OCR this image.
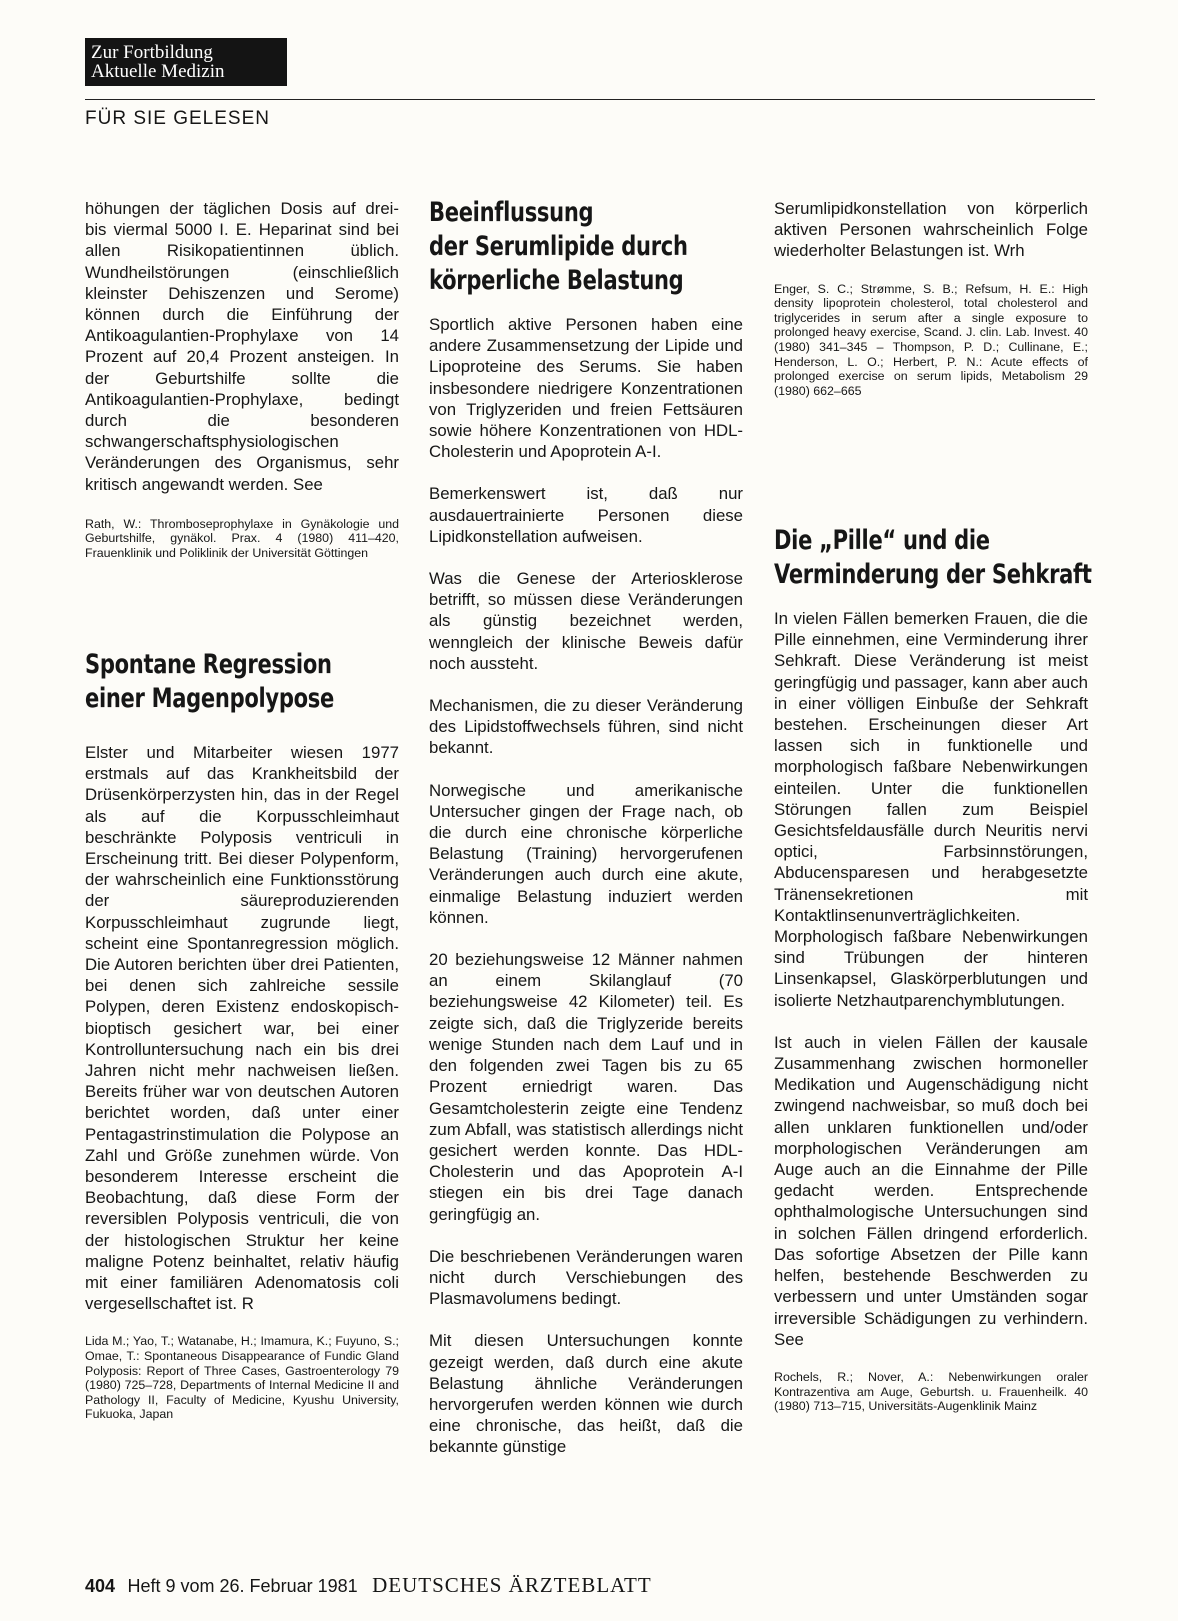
Zur Fortbildung
Aktuelle Medizin
FÜR SIE GELESEN

höhungen der täglichen Dosis auf drei- bis viermal 5000 I. E. Heparinat sind bei allen Risikopatientinnen üblich. Wundheilstörungen (einschließlich kleinster Dehiszenzen und Serome) können durch die Einführung der Antikoagulantien-Prophylaxe von 14 Prozent auf 20,4 Prozent ansteigen. In der Geburtshilfe sollte die Antikoagulantien-Prophylaxe, bedingt durch die besonderen schwangerschaftsphysiologischen Veränderungen des Organismus, sehr kritisch angewandt werden. See

Rath, W.: Thromboseprophylaxe in Gynäkologie und Geburtshilfe, gynäkol. Prax. 4 (1980) 411–420, Frauenklinik und Poliklinik der Universität Göttingen

Spontane Regression
einer Magenpolypose

Elster und Mitarbeiter wiesen 1977 erstmals auf das Krankheitsbild der Drüsenkörperzysten hin, das in der Regel als auf die Korpusschleimhaut beschränkte Polyposis ventriculi in Erscheinung tritt. Bei dieser Polypenform, der wahrscheinlich eine Funktionsstörung der säureproduzierenden Korpusschleimhaut zugrunde liegt, scheint eine Spontanregression möglich. Die Autoren berichten über drei Patienten, bei denen sich zahlreiche sessile Polypen, deren Existenz endoskopisch-bioptisch gesichert war, bei einer Kontrolluntersuchung nach ein bis drei Jahren nicht mehr nachweisen ließen. Bereits früher war von deutschen Autoren berichtet worden, daß unter einer Pentagastrinstimulation die Polypose an Zahl und Größe zunehmen würde. Von besonderem Interesse erscheint die Beobachtung, daß diese Form der reversiblen Polyposis ventriculi, die von der histologischen Struktur her keine maligne Potenz beinhaltet, relativ häufig mit einer familiären Adenomatosis coli vergesellschaftet ist. R

Lida M.; Yao, T.; Watanabe, H.; Imamura, K.; Fuyuno, S.; Omae, T.: Spontaneous Disappearance of Fundic Gland Polyposis: Report of Three Cases, Gastroenterology 79 (1980) 725–728, Departments of Internal Medicine II and Pathology II, Faculty of Medicine, Kyushu University, Fukuoka, Japan

Beeinflussung
der Serumlipide durch
körperliche Belastung

Sportlich aktive Personen haben eine andere Zusammensetzung der Lipide und Lipoproteine des Serums. Sie haben insbesondere niedrigere Konzentrationen von Triglyzeriden und freien Fettsäuren sowie höhere Konzentrationen von HDL-Cholesterin und Apoprotein A-I.

Bemerkenswert ist, daß nur ausdauertrainierte Personen diese Lipidkonstellation aufweisen.

Was die Genese der Arteriosklerose betrifft, so müssen diese Veränderungen als günstig bezeichnet werden, wenngleich der klinische Beweis dafür noch aussteht.

Mechanismen, die zu dieser Veränderung des Lipidstoffwechsels führen, sind nicht bekannt.

Norwegische und amerikanische Untersucher gingen der Frage nach, ob die durch eine chronische körperliche Belastung (Training) hervorgerufenen Veränderungen auch durch eine akute, einmalige Belastung induziert werden können.

20 beziehungsweise 12 Männer nahmen an einem Skilanglauf (70 beziehungsweise 42 Kilometer) teil. Es zeigte sich, daß die Triglyzeride bereits wenige Stunden nach dem Lauf und in den folgenden zwei Tagen bis zu 65 Prozent erniedrigt waren. Das Gesamtcholesterin zeigte eine Tendenz zum Abfall, was statistisch allerdings nicht gesichert werden konnte. Das HDL-Cholesterin und das Apoprotein A-I stiegen ein bis drei Tage danach geringfügig an.

Die beschriebenen Veränderungen waren nicht durch Verschiebungen des Plasmavolumens bedingt.

Mit diesen Untersuchungen konnte gezeigt werden, daß durch eine akute Belastung ähnliche Veränderungen hervorgerufen werden können wie durch eine chronische, das heißt, daß die bekannte günstige

Serumlipidkonstellation von körperlich aktiven Personen wahrscheinlich Folge wiederholter Belastungen ist. Wrh

Enger, S. C.; Strømme, S. B.; Refsum, H. E.: High density lipoprotein cholesterol, total cholesterol and triglycerides in serum after a single exposure to prolonged heavy exercise, Scand. J. clin. Lab. Invest. 40 (1980) 341–345 – Thompson, P. D.; Cullinane, E.; Henderson, L. O.; Herbert, P. N.: Acute effects of prolonged exercise on serum lipids, Metabolism 29 (1980) 662–665

Die „Pille“ und die
Verminderung der Sehkraft

In vielen Fällen bemerken Frauen, die die Pille einnehmen, eine Verminderung ihrer Sehkraft. Diese Veränderung ist meist geringfügig und passager, kann aber auch in einer völligen Einbuße der Sehkraft bestehen. Erscheinungen dieser Art lassen sich in funktionelle und morphologisch faßbare Nebenwirkungen einteilen. Unter die funktionellen Störungen fallen zum Beispiel Gesichtsfeldausfälle durch Neuritis nervi optici, Farbsinnstörungen, Abducensparesen und herabgesetzte Tränensekretionen mit Kontaktlinsenunverträglichkeiten. Morphologisch faßbare Nebenwirkungen sind Trübungen der hinteren Linsenkapsel, Glaskörperblutungen und isolierte Netzhautparenchymblutungen.

Ist auch in vielen Fällen der kausale Zusammenhang zwischen hormoneller Medikation und Augenschädigung nicht zwingend nachweisbar, so muß doch bei allen unklaren funktionellen und/oder morphologischen Veränderungen am Auge auch an die Einnahme der Pille gedacht werden. Entsprechende ophthalmologische Untersuchungen sind in solchen Fällen dringend erforderlich. Das sofortige Absetzen der Pille kann helfen, bestehende Beschwerden zu verbessern und unter Umständen sogar irreversible Schädigungen zu verhindern. See

Rochels, R.; Nover, A.: Nebenwirkungen oraler Kontrazentiva am Auge, Geburtsh. u. Frauenheilk. 40 (1980) 713–715, Universitäts-Augenklinik Mainz

404 Heft 9 vom 26. Februar 1981 DEUTSCHES ÄRZTEBLATT
